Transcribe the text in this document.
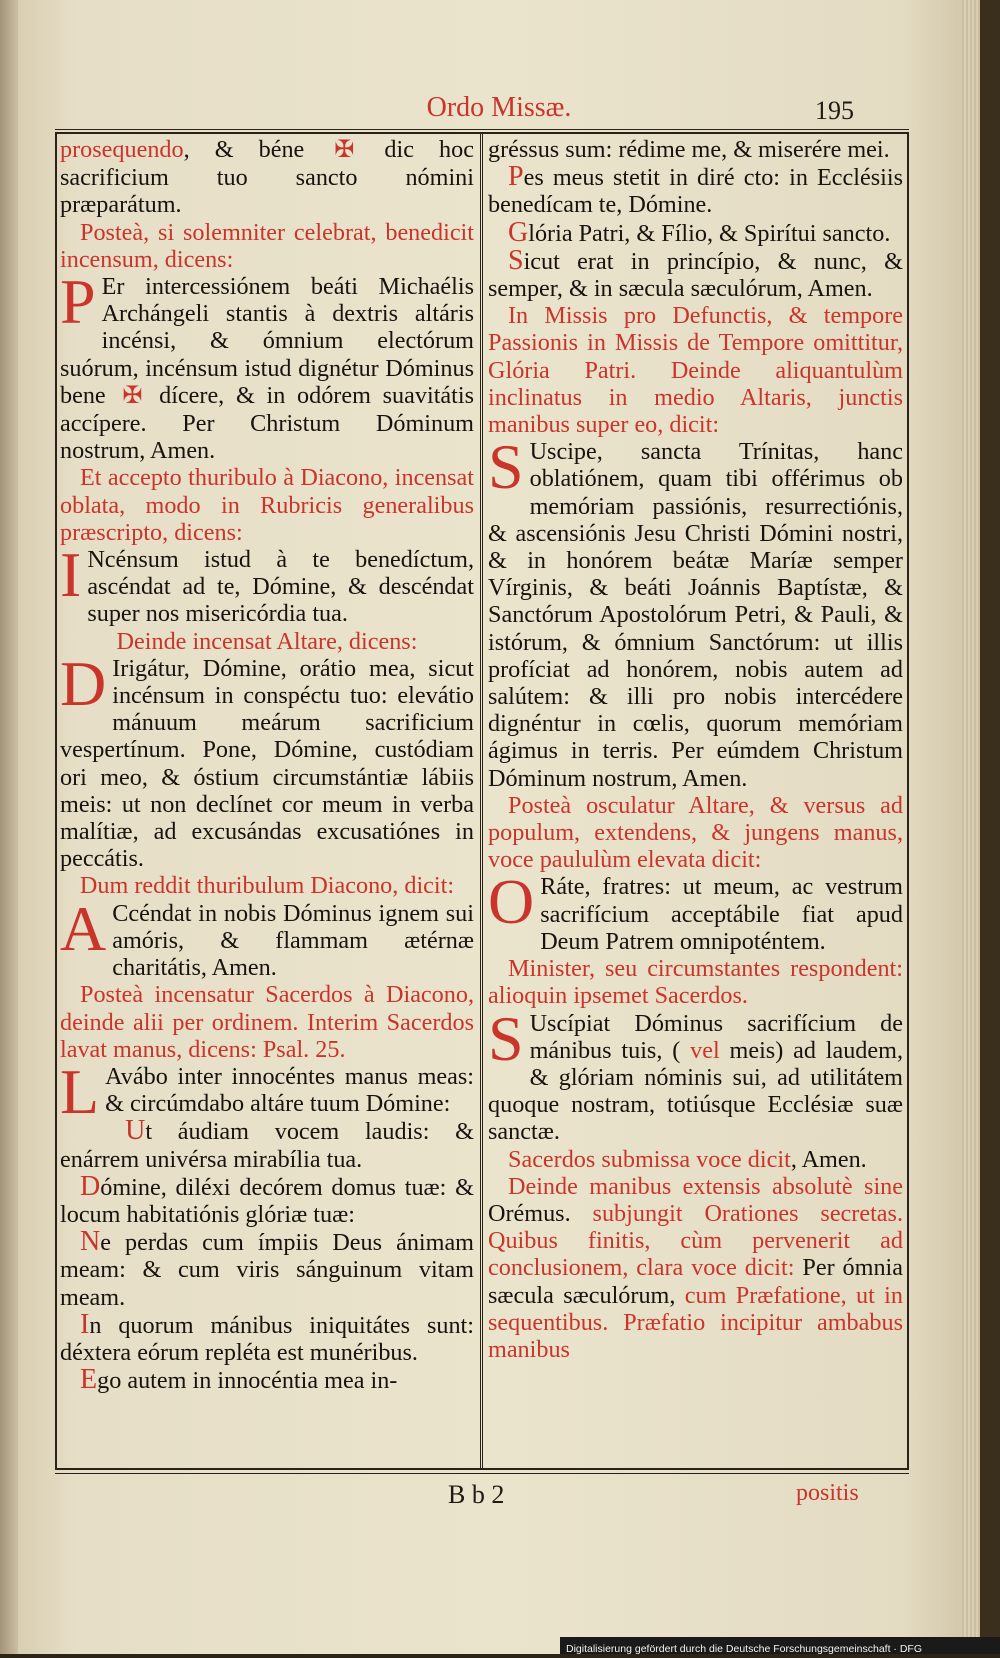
Ordo Missæ.	195

prosequendo, & béne ✠ dic hoc sacrificium tuo sancto nómini præparátum.

Posteà, si solemniter celebrat, benedicit incensum, dicens:

P Er intercessiónem beáti Michaélis Archángeli stantis à dextris altáris incénsi, & ómnium electórum suórum, incénsum istud dignétur Dóminus bene ✠ dícere, & in odórem suavitátis accípere. Per Christum Dóminum nostrum, Amen.

Et accepto thuribulo à Diacono, incensat oblata, modo in Rubricis generalibus præscripto, dicens:

I Ncénsum istud à te benedíctum, ascéndat ad te, Dómine, & descéndat super nos misericórdia tua.

Deinde incensat Altare, dicens:

D Irigátur, Dómine, orátio mea, sicut incénsum in conspéctu tuo: elevátio mánuum meárum sacrificium vespertínum. Pone, Dómine, custódiam ori meo, & óstium circumstántiæ lábiis meis: ut non declínet cor meum in verba malítiæ, ad excusándas excusatiónes in peccátis.

Dum reddit thuribulum Diacono, dicit:

A Ccéndat in nobis Dóminus ignem sui amóris, & flammam ætérnæ charitátis, Amen.

Posteà incensatur Sacerdos à Diacono, deinde alii per ordinem. Interim Sacerdos lavat manus, dicens: Psal. 25.

L Avábo inter innocéntes manus meas: & circúmdabo altáre tuum Dómine:

Ut áudiam vocem laudis: & enárrem univérsa mirabília tua.

Dómine, diléxi decórem domus tuæ: & locum habitatiónis glóriæ tuæ:

Ne perdas cum ímpiis Deus ánimam meam: & cum viris sánguinum vitam meam.

In quorum mánibus iniquitátes sunt: déxtera eórum repléta est munéribus.

Ego autem in innocéntia mea in-

gréssus sum: rédime me, & miserére mei.

Pes meus stetit in diré cto: in Ecclésiis benedícam te, Dómine.

Glória Patri, & Fílio, & Spirítui sancto.

Sicut erat in princípio, & nunc, & semper, & in sæcula sæculórum, Amen.

In Missis pro Defunctis, & tempore Passionis in Missis de Tempore omittitur, Glória Patri. Deinde aliquantulùm inclinatus in medio Altaris, junctis manibus super eo, dicit:

S Uscipe, sancta Trínitas, hanc oblatiónem, quam tibi offérimus ob memóriam passiónis, resurrectiónis, & ascensiónis Jesu Christi Dómini nostri, & in honórem beátæ Maríæ semper Vírginis, & beáti Joánnis Baptístæ, & Sanctórum Apostolórum Petri, & Pauli, & istórum, & ómnium Sanctórum: ut illis profíciat ad honórem, nobis autem ad salútem: & illi pro nobis intercédere dignéntur in cœlis, quorum memóriam ágimus in terris. Per eúmdem Christum Dóminum nostrum, Amen.

Posteà osculatur Altare, & versus ad populum, extendens, & jungens manus, voce paululùm elevata dicit:

O Ráte, fratres: ut meum, ac vestrum sacrifícium acceptábile fiat apud Deum Patrem omnipoténtem.

Minister, seu circumstantes respondent: alioquin ipsemet Sacerdos.

S Uscípiat Dóminus sacrifícium de mánibus tuis, ( vel meis) ad laudem, & glóriam nóminis sui, ad utilitátem quoque nostram, totiúsque Ecclésiæ suæ sanctæ.

Sacerdos submissa voce dicit, Amen.

Deinde manibus extensis absolutè sine Orémus. subjungit Orationes secretas. Quibus finitis, cùm pervenerit ad conclusionem, clara voce dicit: Per ómnia sæcula sæculórum, cum Præfatione, ut in sequentibus. Præfatio incipitur ambabus manibus

B b 2	positis
Digitalisierung gefördert durch die Deutsche Forschungsgemeinschaft · DFG
